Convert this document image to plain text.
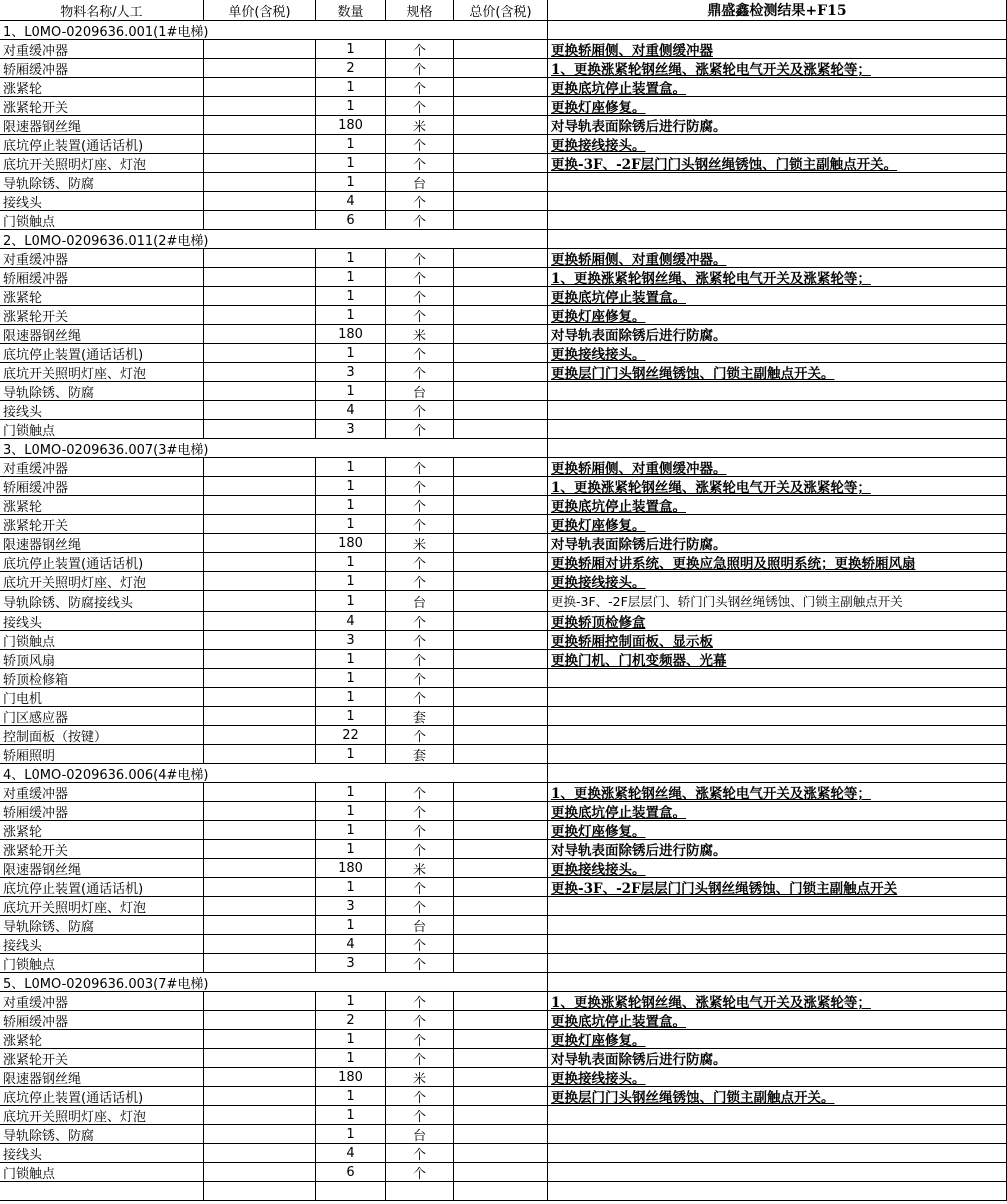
物料名称/人工	单价(含税)	数量	规格	总价(含税)	鼎盛鑫检测结果+F15
1、L0MO-0209636.001(1#电梯)
对重缓冲器	1	个	更换轿厢侧、对重侧缓冲器
轿厢缓冲器	2	个	1、更换涨紧轮钢丝绳、涨紧轮电气开关及涨紧轮等；
涨紧轮	1	个	更换底坑停止装置盒。
涨紧轮开关	1	个	更换灯座修复。
限速器钢丝绳	180	米	对导轨表面除锈后进行防腐。
底坑停止装置(通话话机)	1	个	更换接线接头。
底坑开关照明灯座、灯泡	1	个	更换-3F、-2F层门门头钢丝绳锈蚀、门锁主副触点开关。
导轨除锈、防腐	1	台
接线头	4	个
门锁触点	6	个
2、L0MO-0209636.011(2#电梯)
对重缓冲器	1	个	更换轿厢侧、对重侧缓冲器。
轿厢缓冲器	1	个	1、更换涨紧轮钢丝绳、涨紧轮电气开关及涨紧轮等；
涨紧轮	1	个	更换底坑停止装置盒。
涨紧轮开关	1	个	更换灯座修复。
限速器钢丝绳	180	米	对导轨表面除锈后进行防腐。
底坑停止装置(通话话机)	1	个	更换接线接头。
底坑开关照明灯座、灯泡	3	个	更换层门门头钢丝绳锈蚀、门锁主副触点开关。
导轨除锈、防腐	1	台
接线头	4	个
门锁触点	3	个
3、L0MO-0209636.007(3#电梯)
对重缓冲器	1	个	更换轿厢侧、对重侧缓冲器。
轿厢缓冲器	1	个	1、更换涨紧轮钢丝绳、涨紧轮电气开关及涨紧轮等；
涨紧轮	1	个	更换底坑停止装置盒。
涨紧轮开关	1	个	更换灯座修复。
限速器钢丝绳	180	米	对导轨表面除锈后进行防腐。
底坑停止装置(通话话机)	1	个	更换轿厢对讲系统、更换应急照明及照明系统；更换轿厢风扇
底坑开关照明灯座、灯泡	1	个	更换接线接头。
导轨除锈、防腐接线头	1	台	更换-3F、-2F层层门、轿门门头钢丝绳锈蚀、门锁主副触点开关
接线头	4	个	更换轿顶检修盒
门锁触点	3	个	更换轿厢控制面板、显示板
轿顶风扇	1	个	更换门机、门机变频器、光幕
轿顶检修箱	1	个
门电机	1	个
门区感应器	1	套
控制面板（按键）	22	个
轿厢照明	1	套
4、L0MO-0209636.006(4#电梯)
对重缓冲器	1	个	1、更换涨紧轮钢丝绳、涨紧轮电气开关及涨紧轮等；
轿厢缓冲器	1	个	更换底坑停止装置盒。
涨紧轮	1	个	更换灯座修复。
涨紧轮开关	1	个	对导轨表面除锈后进行防腐。
限速器钢丝绳	180	米	更换接线接头。
底坑停止装置(通话话机)	1	个	更换-3F、-2F层层门门头钢丝绳锈蚀、门锁主副触点开关
底坑开关照明灯座、灯泡	3	个
导轨除锈、防腐	1	台
接线头	4	个
门锁触点	3	个
5、L0MO-0209636.003(7#电梯)
对重缓冲器	1	个	1、更换涨紧轮钢丝绳、涨紧轮电气开关及涨紧轮等；
轿厢缓冲器	2	个	更换底坑停止装置盒。
涨紧轮	1	个	更换灯座修复。
涨紧轮开关	1	个	对导轨表面除锈后进行防腐。
限速器钢丝绳	180	米	更换接线接头。
底坑停止装置(通话话机)	1	个	更换层门门头钢丝绳锈蚀、门锁主副触点开关。
底坑开关照明灯座、灯泡	1	个
导轨除锈、防腐	1	台
接线头	4	个
门锁触点	6	个
